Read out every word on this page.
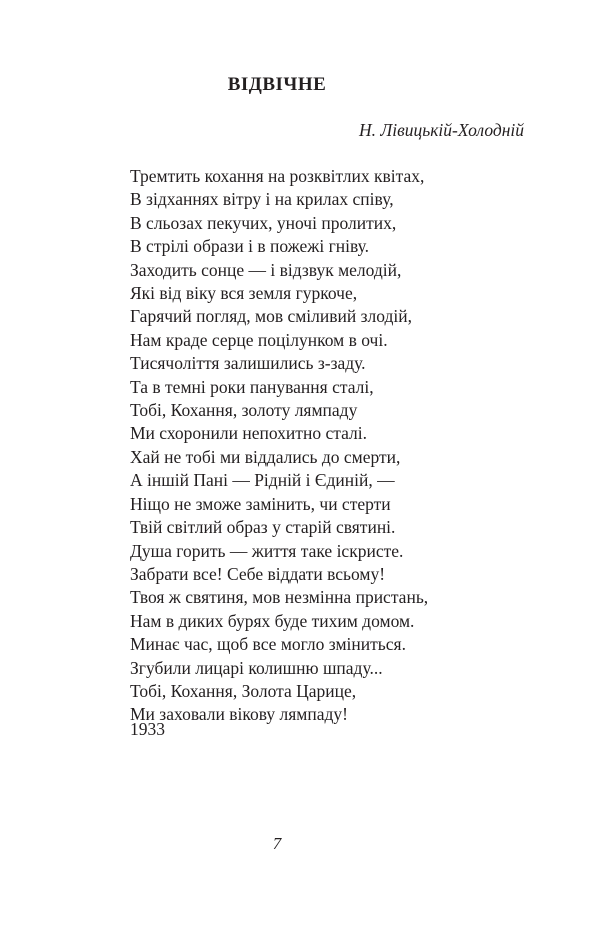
ВІДВІЧНЕ

Н. Лівицькій-Холодній

Тремтить кохання на розквітлих квітах,
В зідханнях вітру і на крилах співу,
В сльозах пекучих, уночі пролитих,
В стрілі образи і в пожежі гніву.
Заходить сонце — і відзвук мелодій,
Які від віку вся земля гуркоче,
Гарячий погляд, мов сміливий злодій,
Нам краде серце поцілунком в очі.
Тисячоліття залишились з-заду.
Та в темні роки панування сталі,
Тобі, Кохання, золоту лямпаду
Ми схоронили непохитно сталі.
Хай не тобі ми віддались до смерти,
А іншій Пані — Рідній і Єдиній, —
Ніщо не зможе замінить, чи стерти
Твій світлий образ у старій святині.
Душа горить — життя таке іскристе.
Забрати все! Себе віддати всьому!
Твоя ж святиня, мов незмінна пристань,
Нам в диких бурях буде тихим домом.
Минає час, щоб все могло зміниться.
Згубили лицарі колишню шпаду...
Тобі, Кохання, Золота Царице,
Ми заховали вікову лямпаду!

1933

7
